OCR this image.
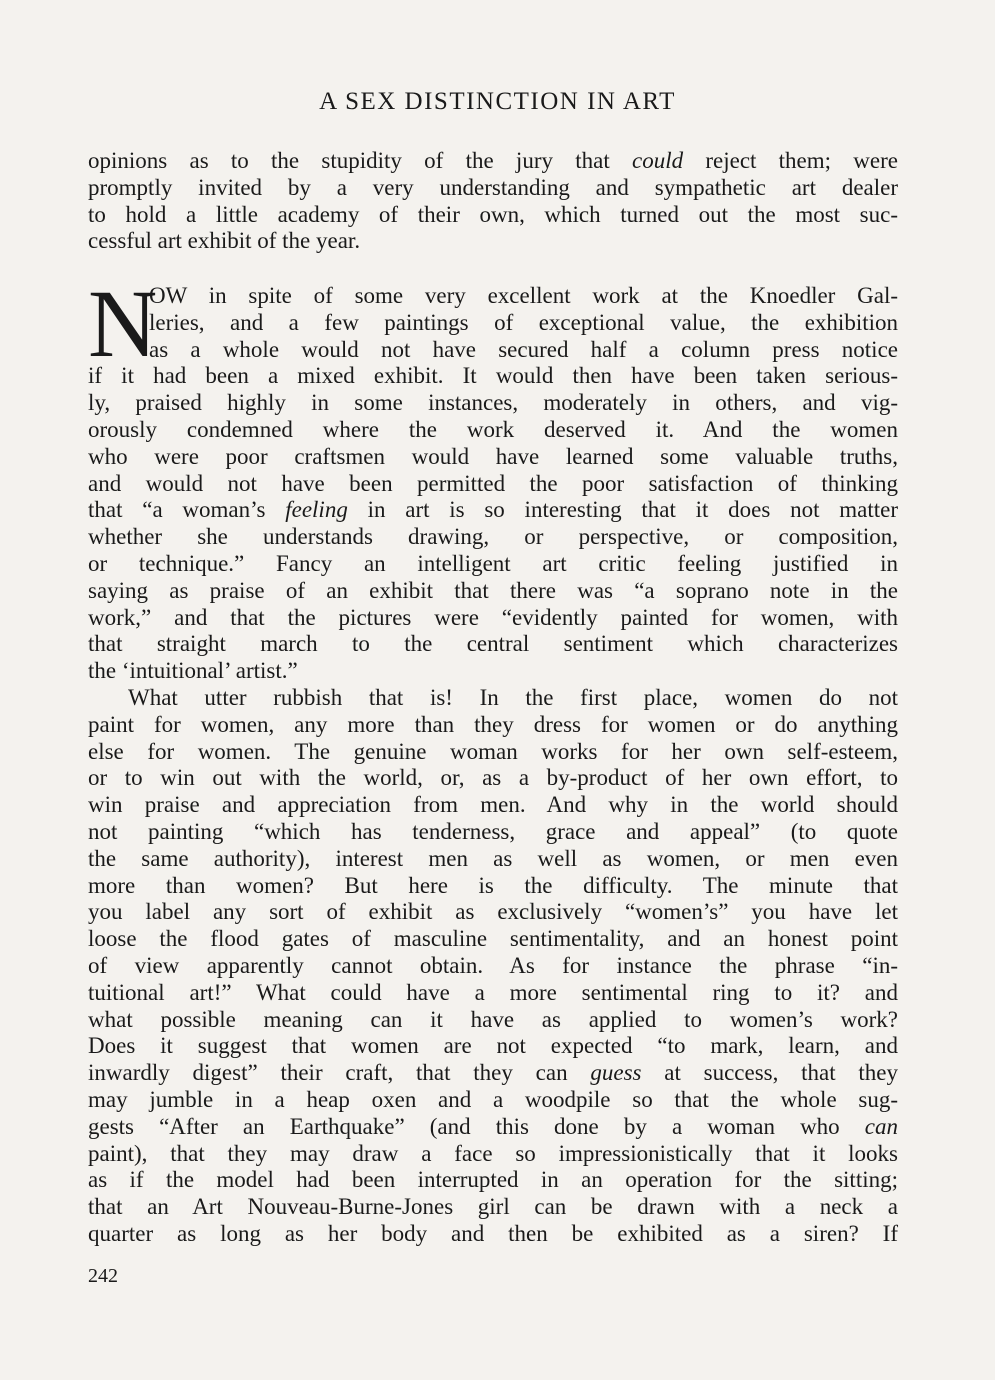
A SEX DISTINCTION IN ART
opinions as to the stupidity of the jury that could reject them; were
promptly invited by a very understanding and sympathetic art dealer
to hold a little academy of their own, which turned out the most suc-
cessful art exhibit of the year.
N
OW in spite of some very excellent work at the Knoedler Gal-
leries, and a few paintings of exceptional value, the exhibition
as a whole would not have secured half a column press notice
if it had been a mixed exhibit. It would then have been taken serious-
ly, praised highly in some instances, moderately in others, and vig-
orously condemned where the work deserved it. And the women
who were poor craftsmen would have learned some valuable truths,
and would not have been permitted the poor satisfaction of thinking
that “a woman’s feeling in art is so interesting that it does not matter
whether she understands drawing, or perspective, or composition,
or technique.” Fancy an intelligent art critic feeling justified in
saying as praise of an exhibit that there was “a soprano note in the
work,” and that the pictures were “evidently painted for women, with
that straight march to the central sentiment which characterizes
the ‘intuitional’ artist.”
What utter rubbish that is! In the first place, women do not
paint for women, any more than they dress for women or do anything
else for women. The genuine woman works for her own self-esteem,
or to win out with the world, or, as a by-product of her own effort, to
win praise and appreciation from men. And why in the world should
not painting “which has tenderness, grace and appeal” (to quote
the same authority), interest men as well as women, or men even
more than women? But here is the difficulty. The minute that
you label any sort of exhibit as exclusively “women’s” you have let
loose the flood gates of masculine sentimentality, and an honest point
of view apparently cannot obtain. As for instance the phrase “in-
tuitional art!” What could have a more sentimental ring to it? and
what possible meaning can it have as applied to women’s work?
Does it suggest that women are not expected “to mark, learn, and
inwardly digest” their craft, that they can guess at success, that they
may jumble in a heap oxen and a woodpile so that the whole sug-
gests “After an Earthquake” (and this done by a woman who can
paint), that they may draw a face so impressionistically that it looks
as if the model had been interrupted in an operation for the sitting;
that an Art Nouveau-Burne-Jones girl can be drawn with a neck a
quarter as long as her body and then be exhibited as a siren? If
242
